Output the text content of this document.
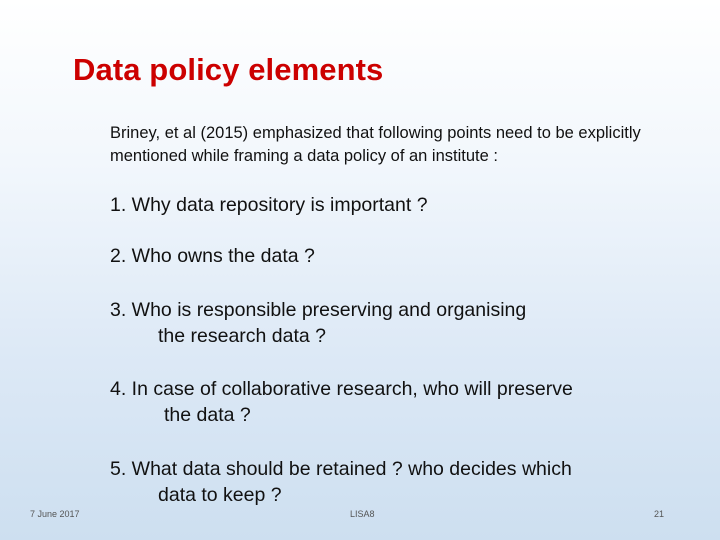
Data policy elements
Briney, et al (2015) emphasized that following points need to be explicitly mentioned while framing a data policy of an institute :
1. Why data repository is important ?
2. Who owns the data ?
3. Who is responsible preserving and organising
the research data ?
4. In case of collaborative research, who will preserve
the data ?
5. What data should be retained ? who decides which
data to keep ?
7 June 2017	LISA8	21
